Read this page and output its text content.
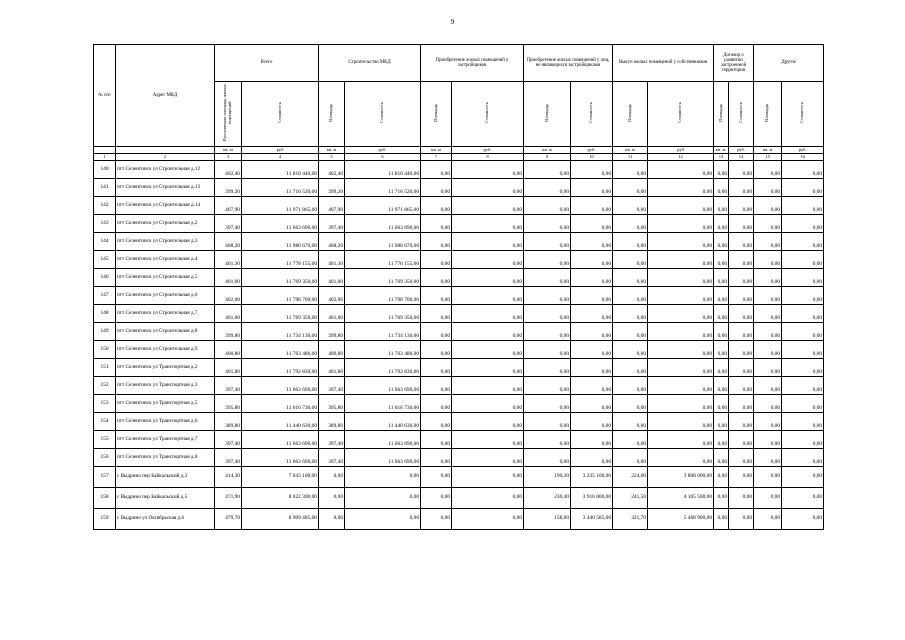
9
№ п/п	Адрес МКД	Всего		Строительство МКД		Приобретение жилых помещений у застройщиков		Приобретение жилых помещений у лиц, не являющихся застройщиками		Выкуп жилых помещений у собственников		Договор о развитии застроенной территории		Другое	
		Расселяемая площадь жилых помещений	Стоимость	Площадь	Стоимость	Площадь	Стоимость	Площадь	Стоимость	Площадь	Стоимость	Площадь	Стоимость	Площадь	Стоимость
		кв. м	руб	кв. м	руб.	кв. м	руб.	кв. м	руб.	кв. м	руб	кв. м.	руб.	кв. м	руб.
1	2	3	4	5	6	7	8	9	10	11	12	13	14	15	16
140	пгт Селенгинск ул Строительная д.12	402,40	11 810 440,00	402,40	11 810 440,00	0,00	0,00	0,00	0,00	0,00	0,00	0,00	0,00	0,00	0,00
141	пгт Селенгинск ул Строительная д.13	399,20	11 716 520,00	399,20	11 716 520,00	0,00	0,00	0,00	0,00	0,00	0,00	0,00	0,00	0,00	0,00
142	пгт Селенгинск ул Строительная д.14	407,90	11 971 865,00	407,90	11 971 865,00	0,00	0,00	0,00	0,00	0,00	0,00	0,00	0,00	0,00	0,00
143	пгт Селенгинск ул Строительная д.2	397,40	11 663 690,00	397,40	11 663 690,00	0,00	0,00	0,00	0,00	0,00	0,00	0,00	0,00	0,00	0,00
144	пгт Селенгинск ул Строительная д.3	408,20	11 980 670,00	408,20	11 980 670,00	0,00	0,00	0,00	0,00	0,00	0,00	0,00	0,00	0,00	0,00
145	пгт Селенгинск ул Строительная д.4	401,30	11 778 155,00	401,30	11 778 155,00	0,00	0,00	0,00	0,00	0,00	0,00	0,00	0,00	0,00	0,00
146	пгт Селенгинск ул Строительная д.5	401,00	11 769 350,00	401,00	11 769 350,00	0,00	0,00	0,00	0,00	0,00	0,00	0,00	0,00	0,00	0,00
147	пгт Селенгинск ул Строительная д.6	402,00	11 798 700,00	402,00	11 798 700,00	0,00	0,00	0,00	0,00	0,00	0,00	0,00	0,00	0,00	0,00
148	пгт Селенгинск ул Строительная д.7	401,00	11 769 350,00	401,00	11 769 350,00	0,00	0,00	0,00	0,00	0,00	0,00	0,00	0,00	0,00	0,00
149	пгт Селенгинск ул Строительная д.8	399,80	11 734 130,00	399,80	11 734 130,00	0,00	0,00	0,00	0,00	0,00	0,00	0,00	0,00	0,00	0,00
150	пгт Селенгинск ул Строительная д.9	400,80	11 763 480,00	400,80	11 763 480,00	0,00	0,00	0,00	0,00	0,00	0,00	0,00	0,00	0,00	0,00
151	пгт Селенгинск ул Транспортная д.2	401,80	11 792 830,00	401,80	11 792 830,00	0,00	0,00	0,00	0,00	0,00	0,00	0,00	0,00	0,00	0,00
152	пгт Селенгинск ул Транспортная д.3	397,40	11 663 690,00	397,40	11 663 690,00	0,00	0,00	0,00	0,00	0,00	0,00	0,00	0,00	0,00	0,00
153	пгт Селенгинск ул Транспортная д.5	395,80	11 616 730,00	395,80	11 616 730,00	0,00	0,00	0,00	0,00	0,00	0,00	0,00	0,00	0,00	0,00
154	пгт Селенгинск ул Транспортная д.6	389,80	11 440 630,00	389,80	11 440 630,00	0,00	0,00	0,00	0,00	0,00	0,00	0,00	0,00	0,00	0,00
155	пгт Селенгинск ул Транспортная д.7	397,40	11 663 690,00	397,40	11 663 690,00	0,00	0,00	0,00	0,00	0,00	0,00	0,00	0,00	0,00	0,00
156	пгт Селенгинск ул Транспортная д.8	397,40	11 663 690,00	397,40	11 663 690,00	0,00	0,00	0,00	0,00	0,00	0,00	0,00	0,00	0,00	0,00
157	с Выдрино пер Байкальский д.3	414,30	7 043 100,00	0,00	0,00	0,00	0,00	190,30	3 235 100,00	224,00	3 808 000,00	0,00	0,00	0,00	0,00
158	с Выдрино пер Байкальский д.5	471,90	8 022 300,00	0,00	0,00	0,00	0,00	230,40	3 916 800,00	241,50	4 105 500,00	0,00	0,00	0,00	0,00
159	с Выдрино ул Октябрьская д.6	479,70	8 909 485,00	0,00	0,00	0,00	0,00	158,00	3 440 585,00	321,70	5 468 900,00	0,00	0,00	0,00	0,00
